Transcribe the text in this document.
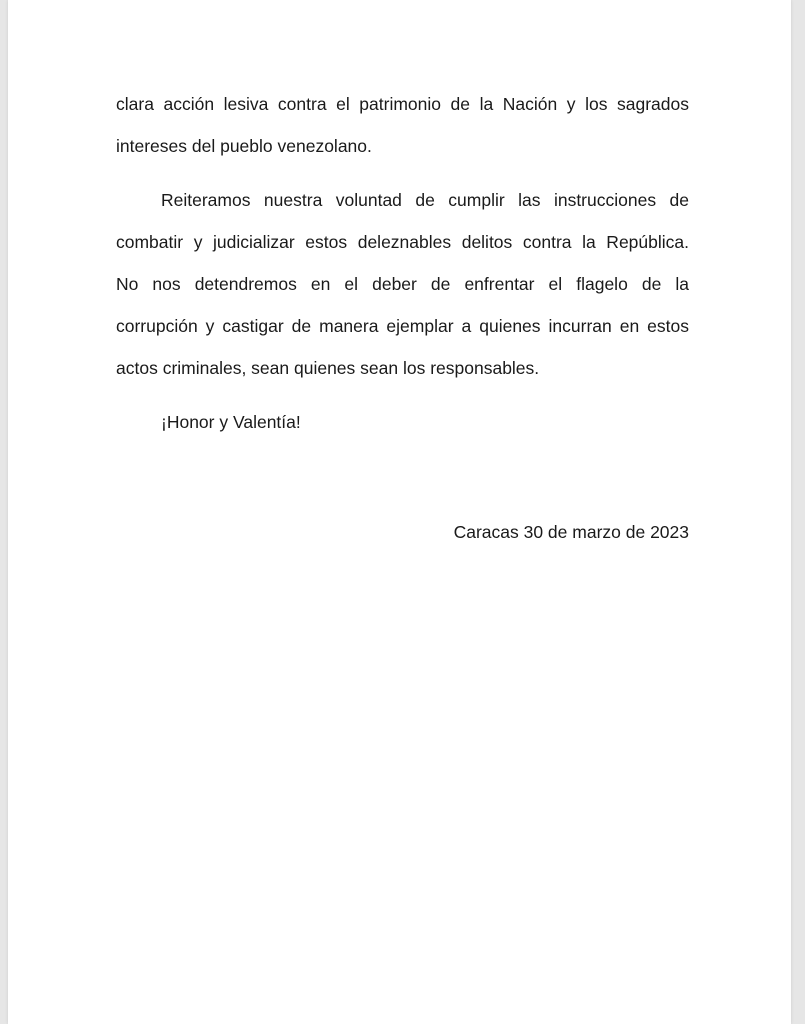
clara acción lesiva contra el patrimonio de la Nación y los sagrados
intereses del pueblo venezolano.
Reiteramos nuestra voluntad de cumplir las instrucciones de
combatir y judicializar estos deleznables delitos contra la República.
No nos detendremos en el deber de enfrentar el flagelo de la
corrupción y castigar de manera ejemplar a quienes incurran en estos
actos criminales, sean quienes sean los responsables.
¡Honor y Valentía!
Caracas 30 de marzo de 2023
